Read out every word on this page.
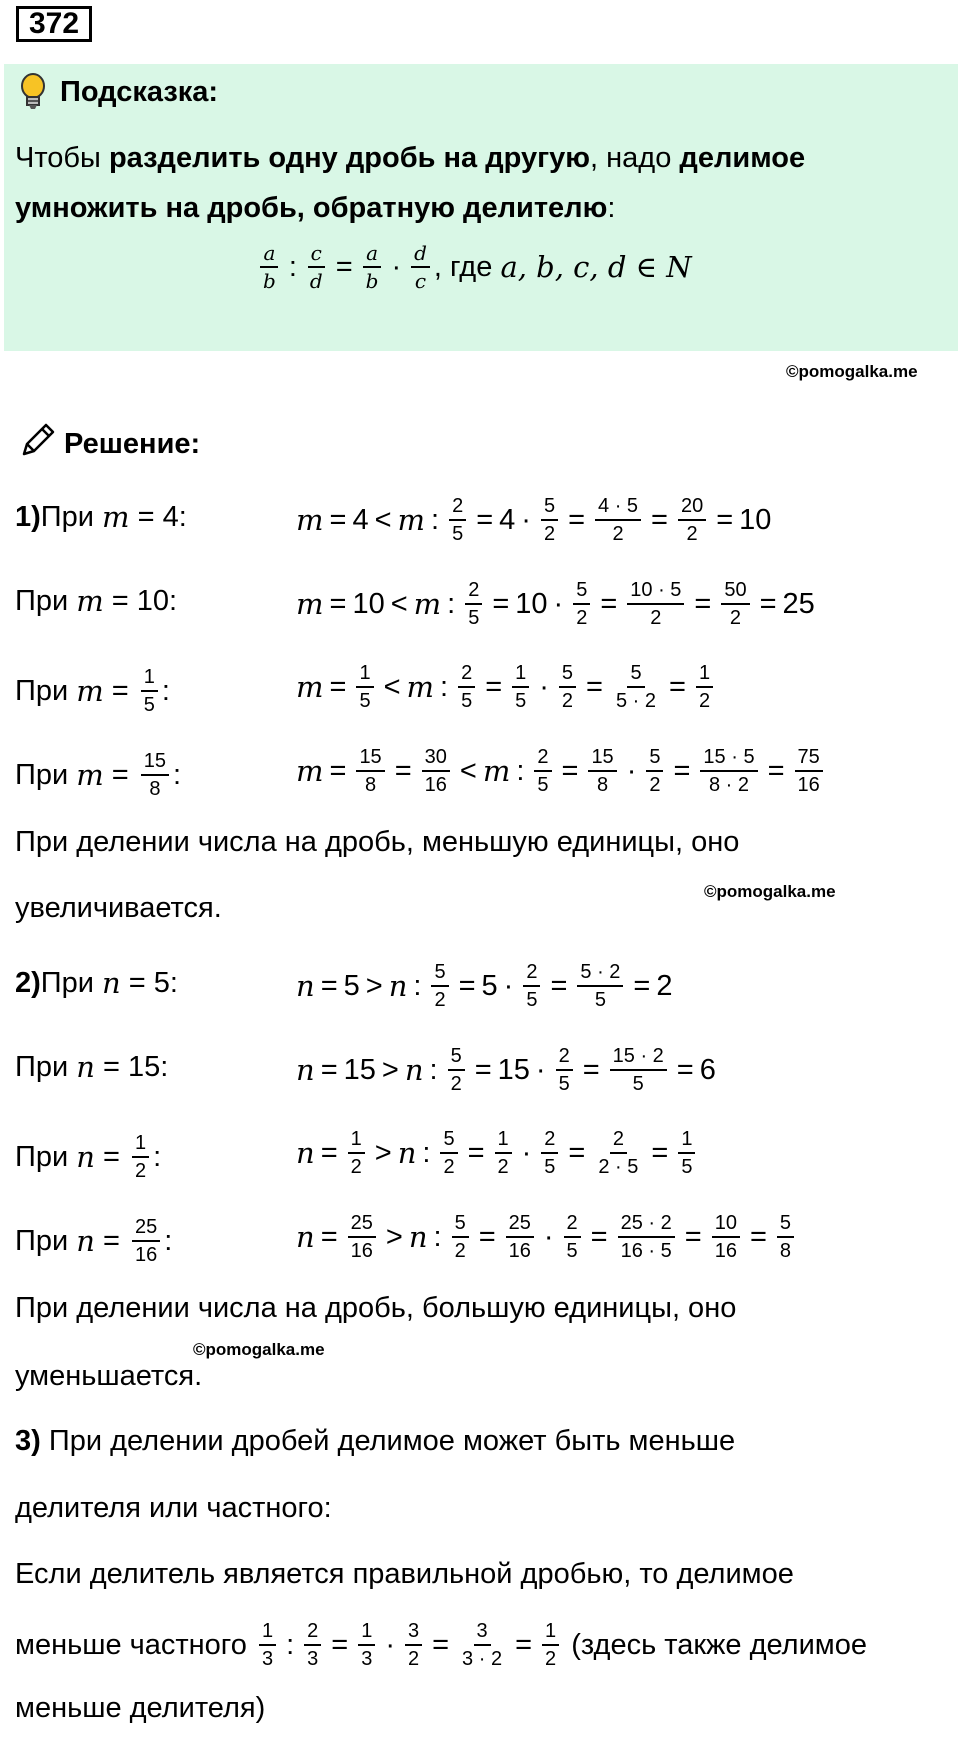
372
Подсказка:
Чтобы разделить одну дробь на другую, надо делимое
умножить на дробь, обратную делителю:
$\frac{a}{b}$ : $\frac{c}{d} = \frac{a}{b} \cdot \frac{d}{c}$ , где
a, b, c, d ∈ N
©pomogalka.me
Решение:
1) При
m = 4:	m = 4 < m : $\frac{2}{5} = 4 \cdot \frac{5}{2} = \frac{4 \cdot 5}{2} = \frac{20}{2} = 10$
При
m = 10:	m = 10 < m : $\frac{2}{5} = 10 \cdot \frac{5}{2} = \frac{10 \cdot 5}{2} = \frac{50}{2} = 25$
При
$m = \frac{1}{5}$ :	$m = \frac{1}{5} < m$ : $\frac{2}{5} = \frac{1}{5} \cdot \frac{5}{2} = \frac{5}{5 \cdot 2} = \frac{1}{2}$
При
$m = \frac{15}{8}$ :	$m = \frac{15}{8} = \frac{30}{16} < m$ : $\frac{2}{5} = \frac{15}{8} \cdot \frac{5}{2} = \frac{15 \cdot 5}{8 \cdot 2} = \frac{75}{16}$
При делении числа на дробь, меньшую единицы, оно
©pomogalka.me
увеличивается.
2) При
n = 5:	n = 5 > n : $\frac{5}{2} = 5 \cdot \frac{2}{5} = \frac{5 \cdot 2}{5} = 2$
При
n = 15:	n = 15 > n : $\frac{5}{2} = 15 \cdot \frac{2}{5} = \frac{15 \cdot 2}{5} = 6$
При
$n = \frac{1}{2}$ :	$n = \frac{1}{2} > n$ : $\frac{5}{2} = \frac{1}{2} \cdot \frac{2}{5} = \frac{2}{2 \cdot 5} = \frac{1}{5}$
При
$n = \frac{25}{16}$ :	$n = \frac{25}{16} > n$ : $\frac{5}{2} = \frac{25}{16} \cdot \frac{2}{5} = \frac{25 \cdot 2}{16 \cdot 5} = \frac{10}{16} = \frac{5}{8}$
При делении числа на дробь, большую единицы, оно
©pomogalka.me
уменьшается.
3) При делении дробей делимое может быть меньше
делителя или частного:
Если делитель является правильной дробью, то делимое
меньше частного
$\frac{1}{3}$ : $\frac{2}{3} = \frac{1}{3} \cdot \frac{3}{2} = \frac{3}{3 \cdot 2} = \frac{1}{2}$
(здесь также делимое
меньше делителя)
